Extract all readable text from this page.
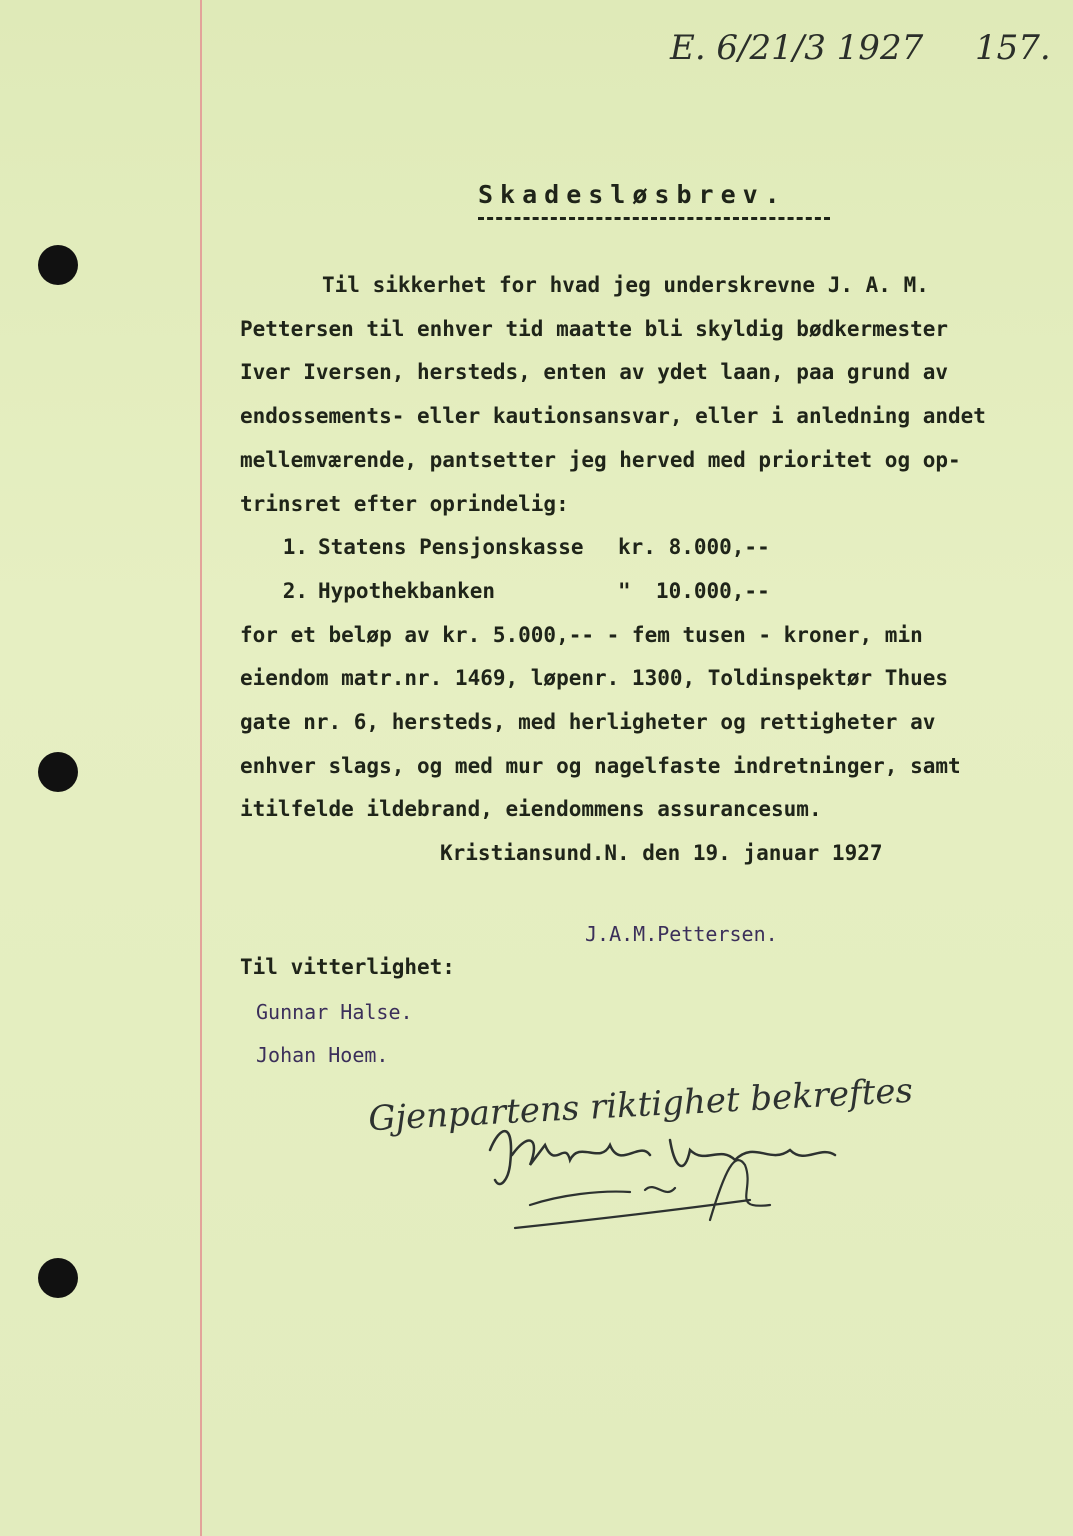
E. 6/21/3 1927 157.
Skadesløsbrev.
Til sikkerhet for hvad jeg underskrevne J. A. M.
Pettersen til enhver tid maatte bli skyldig bødkermester
Iver Iversen, hersteds, enten av ydet laan, paa grund av
endossements- eller kautionsansvar, eller i anledning andet
mellemværende, pantsetter jeg herved med prioritet og op-
trinsret efter oprindelig:
1. Statens Pensjonskasse	kr. 8.000,--
2. Hypothekbanken	"  10.000,--
for et beløp av kr. 5.000,-- - fem tusen - kroner, min
eiendom matr.nr. 1469, løpenr. 1300, Toldinspektør Thues
gate nr. 6, hersteds, med herligheter og rettigheter av
enhver slags, og med mur og nagelfaste indretninger, samt
itilfelde ildebrand, eiendommens assurancesum.
Kristiansund.N. den 19. januar 1927
J.A.M.Pettersen.
Til vitterlighet:
Gunnar Halse.
Johan Hoem.
Gjenpartens riktighet bekreftes
